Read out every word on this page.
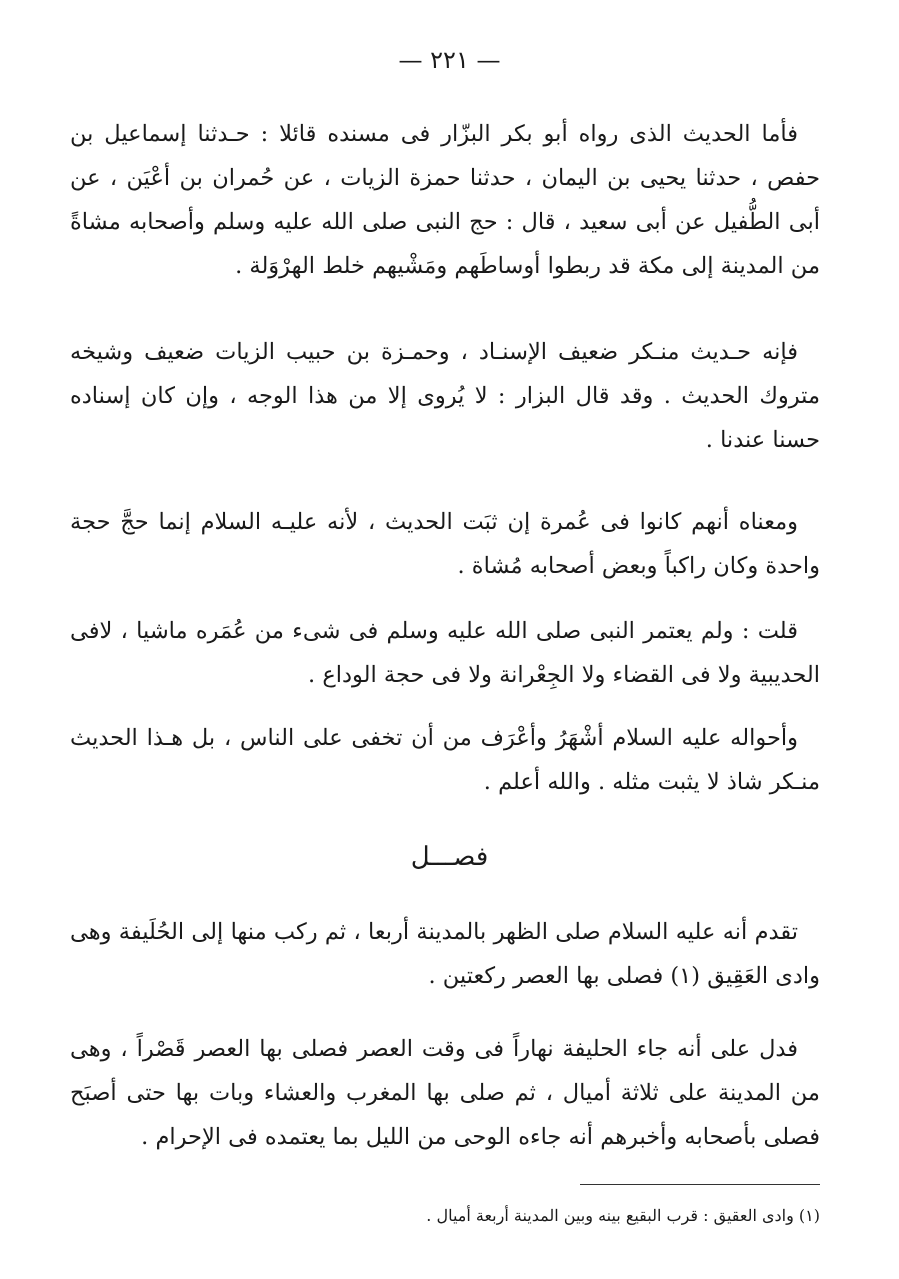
— ٢٢١ —

فأما الحديث الذى رواه أبو بكر البزّار فى مسنده قائلا : حـدثنا إسماعيل بن حفص ، حدثنا يحيى بن اليمان ، حدثنا حمزة الزيات ، عن حُمران بن أعْيَن ، عن أبى الطُّفيل عن أبى سعيد ، قال : حج النبى صلى الله عليه وسلم وأصحابه مشاةً من المدينة إلى مكة قد ربطوا أوساطَهم ومَشْيهم خلط الهرْوَلة .

فإنه حـديث منـكر ضعيف الإسنـاد ، وحمـزة بن حبيب الزيات ضعيف وشيخه متروك الحديث . وقد قال البزار : لا يُروى إلا من هذا الوجه ، وإن كان إسناده حسنا عندنا .

ومعناه أنهم كانوا فى عُمرة إن ثبَت الحديث ، لأنه عليـه السلام إنما حجَّ حجة واحدة وكان راكباً وبعض أصحابه مُشاة .

قلت : ولم يعتمر النبى صلى الله عليه وسلم فى شىء من عُمَره ماشيا ، لافى الحديبية ولا فى القضاء ولا الجِعْرانة ولا فى حجة الوداع .

وأحواله عليه السلام أشْهَرُ وأعْرَف من أن تخفى على الناس ، بل هـذا الحديث منـكر شاذ لا يثبت مثله . والله أعلم .

فصـــل

تقدم أنه عليه السلام صلى الظهر بالمدينة أربعا ، ثم ركب منها إلى الحُلَيفة وهى وادى العَقِيق (١) فصلى بها العصر ركعتين .

فدل على أنه جاء الحليفة نهاراً فى وقت العصر فصلى بها العصر قَصْراً ، وهى من المدينة على ثلاثة أميال ، ثم صلى بها المغرب والعشاء وبات بها حتى أصبَح فصلى بأصحابه وأخبرهم أنه جاءه الوحى من الليل بما يعتمده فى الإحرام .

(١) وادى العقيق : قرب البقيع بينه وبين المدينة أربعة أميال .
